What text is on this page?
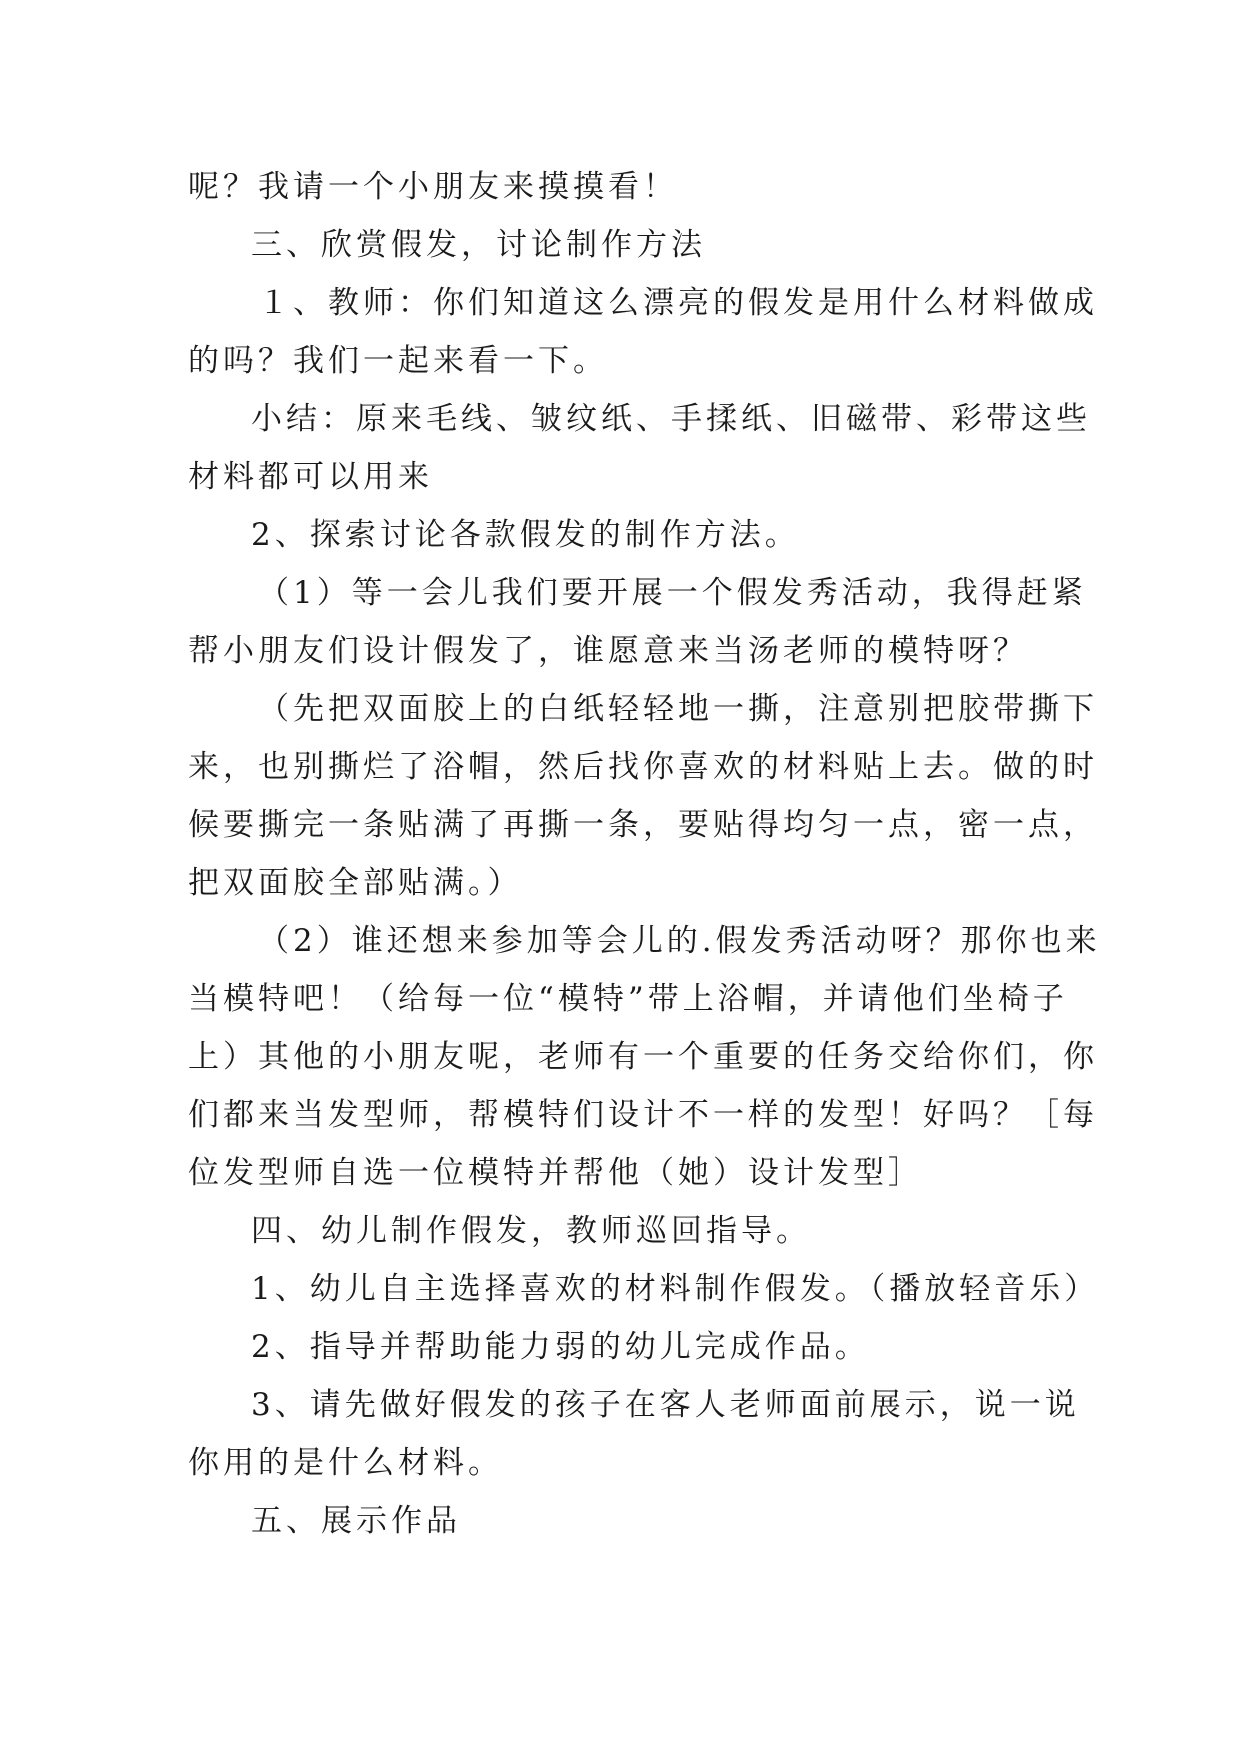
呢？我请一个小朋友来摸摸看！
三、欣赏假发，讨论制作方法
１、教师：你们知道这么漂亮的假发是用什么材料做成
的吗？我们一起来看一下。
小结：原来毛线、皱纹纸、手揉纸、旧磁带、彩带这些
材料都可以用来
2、探索讨论各款假发的制作方法。
（1）等一会儿我们要开展一个假发秀活动，我得赶紧
帮小朋友们设计假发了，谁愿意来当汤老师的模特呀？
（先把双面胶上的白纸轻轻地一撕，注意别把胶带撕下
来，也别撕烂了浴帽，然后找你喜欢的材料贴上去。做的时
候要撕完一条贴满了再撕一条，要贴得均匀一点，密一点，
把双面胶全部贴满。）
（2）谁还想来参加等会儿的.假发秀活动呀？那你也来
当模特吧！（给每一位“模特”带上浴帽，并请他们坐椅子
上）其他的小朋友呢，老师有一个重要的任务交给你们，你
们都来当发型师，帮模特们设计不一样的发型！好吗？［每
位发型师自选一位模特并帮他（她）设计发型］
四、幼儿制作假发，教师巡回指导。
1、幼儿自主选择喜欢的材料制作假发。（播放轻音乐）
2、指导并帮助能力弱的幼儿完成作品。
3、请先做好假发的孩子在客人老师面前展示，说一说
你用的是什么材料。
五、展示作品
